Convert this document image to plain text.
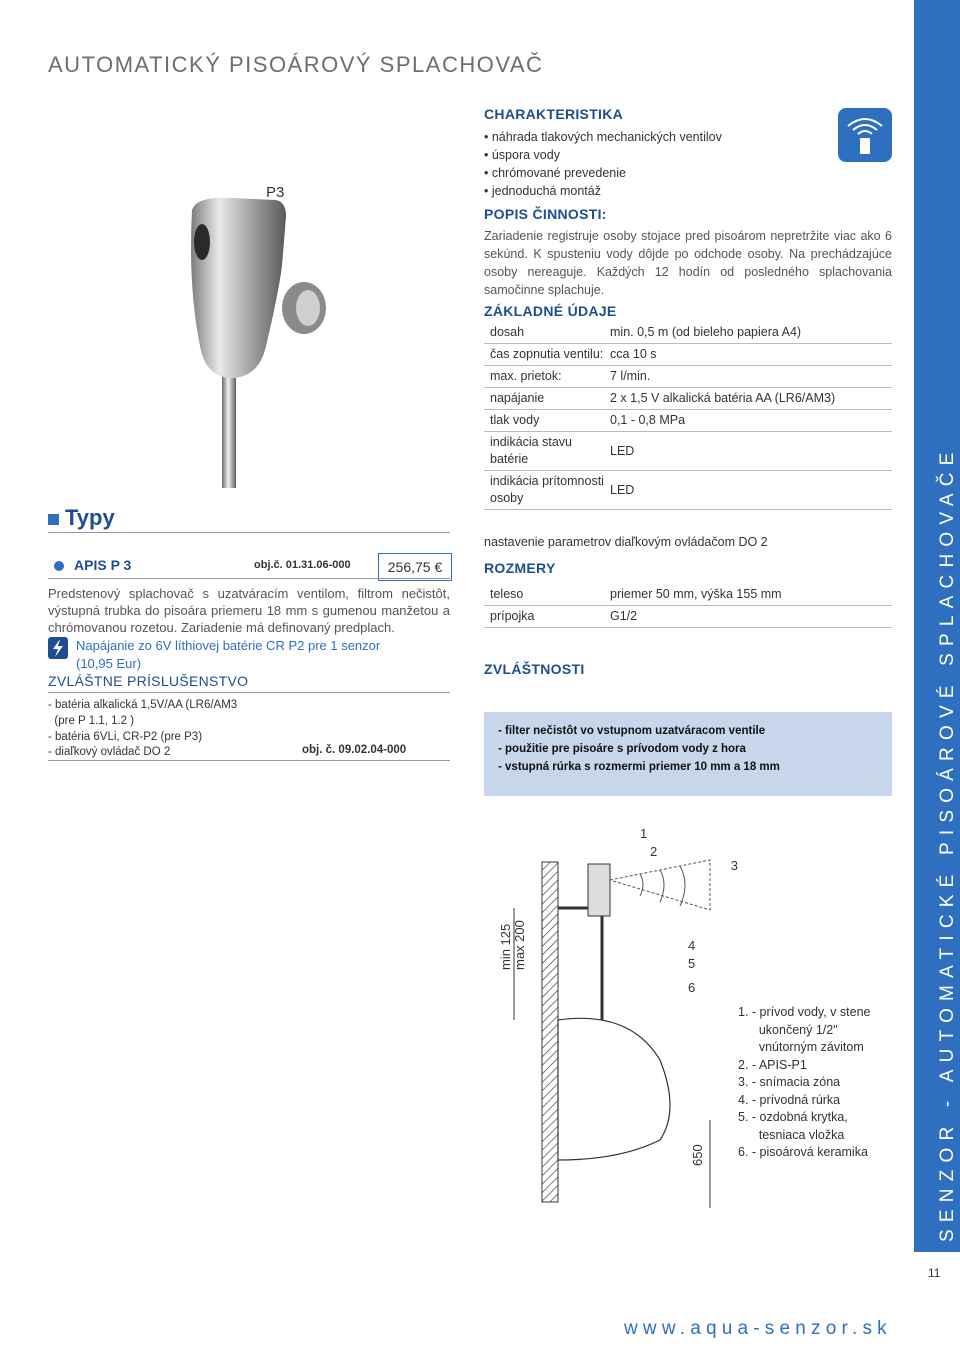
AUTOMATICKÝ PISOÁROVÝ SPLACHOVAČ
SENZOR - AUTOMATICKÉ PISOÁROVÉ SPLACHOVAČE
11
www.aqua-senzor.sk
P3
Typy
APIS P 3	obj.č. 01.31.06-000	256,75 €
Predstenový splachovač s uzatváracím ventilom, filtrom nečistôt, výstupná trubka do pisoára priemeru 18 mm s gumenou manžetou a chrómovanou rozetou. Zariadenie má definovaný predplach.
Napájanie zo 6V líthiovej batérie CR P2 pre 1 senzor
(10,95 Eur)
ZVLÁŠTNE PRÍSLUŠENSTVO
- batéria alkalická 1,5V/AA (LR6/AM3
(pre P 1.1, 1.2 )
- batéria 6VLi, CR-P2 (pre P3)
- diaľkový ovládač DO 2	obj. č. 09.02.04-000
CHARAKTERISTIKA
• náhrada tlakových mechanických ventilov
• úspora vody
• chrómované prevedenie
• jednoduchá montáž
POPIS ČINNOSTI:
Zariadenie registruje osoby stojace pred pisoárom nepretržite viac ako 6 sekúnd. K spusteniu vody dôjde po odchode osoby. Na prechádzajúce osoby nereaguje. Každých 12 hodín od posledného splachovania samočinne splachuje.
ZÁKLADNÉ ÚDAJE
dosah	min. 0,5 m (od bieleho papiera A4)
čas zopnutia ventilu:	cca 10 s
max. prietok:	7 l/min.
napájanie	2 x 1,5 V alkalická batéria AA (LR6/AM3)
tlak vody	0,1 - 0,8 MPa
indikácia stavu batérie	LED
indikácia prítomnosti osoby	LED
nastavenie parametrov diaľkovým ovládačom DO 2
ROZMERY
teleso	priemer 50 mm, výška 155 mm
prípojka	G1/2
ZVLÁŠTNOSTI
- filter nečistôt vo vstupnom uzatváracom ventile
- použitie pre pisoáre s prívodom vody z hora
- vstupná rúrka s rozmermi priemer 10 mm a 18 mm
min 125 max 200
650
1
2
3
4
5
6
1. - prívod vody, v stene
ukončený 1/2"
vnútorným závitom
2. - APIS-P1
3. - snímacia zóna
4. - prívodná rúrka
5. - ozdobná krytka,
tesniaca vložka
6. - pisoárová keramika
